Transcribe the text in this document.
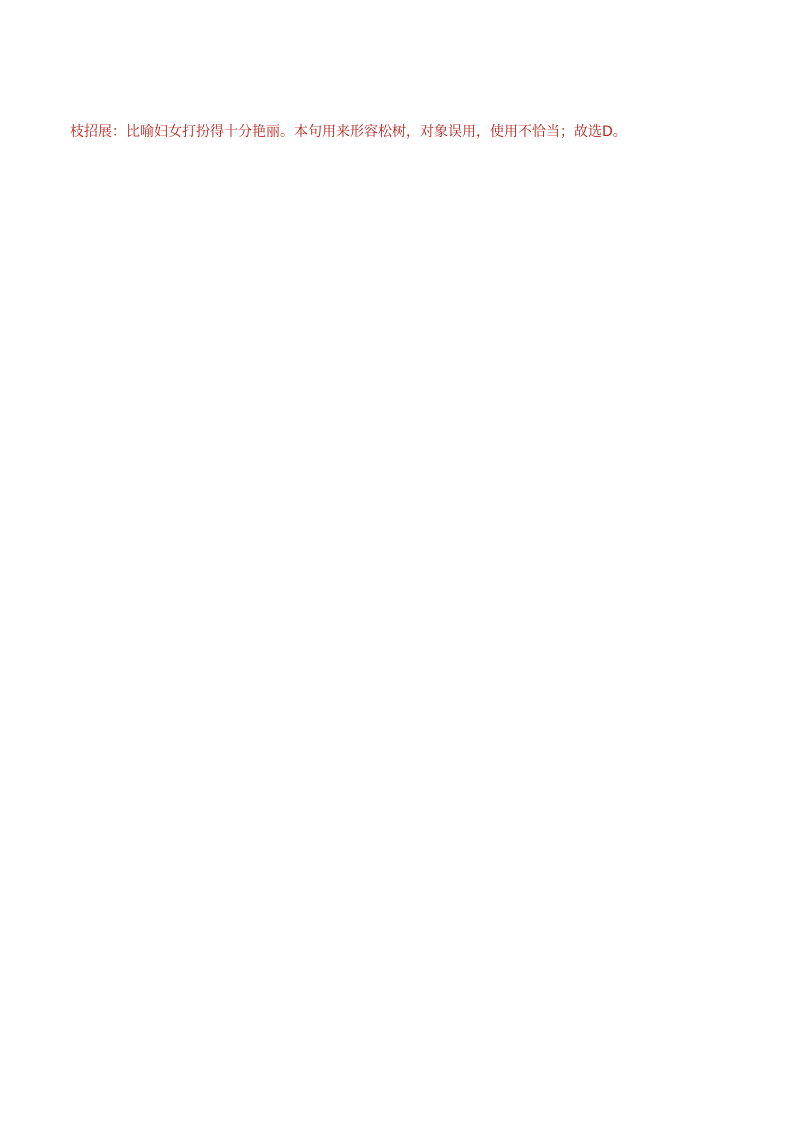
枝招展：比喻妇女打扮得十分艳丽。本句用来形容松树，对象误用，使用不恰当；故选D。
